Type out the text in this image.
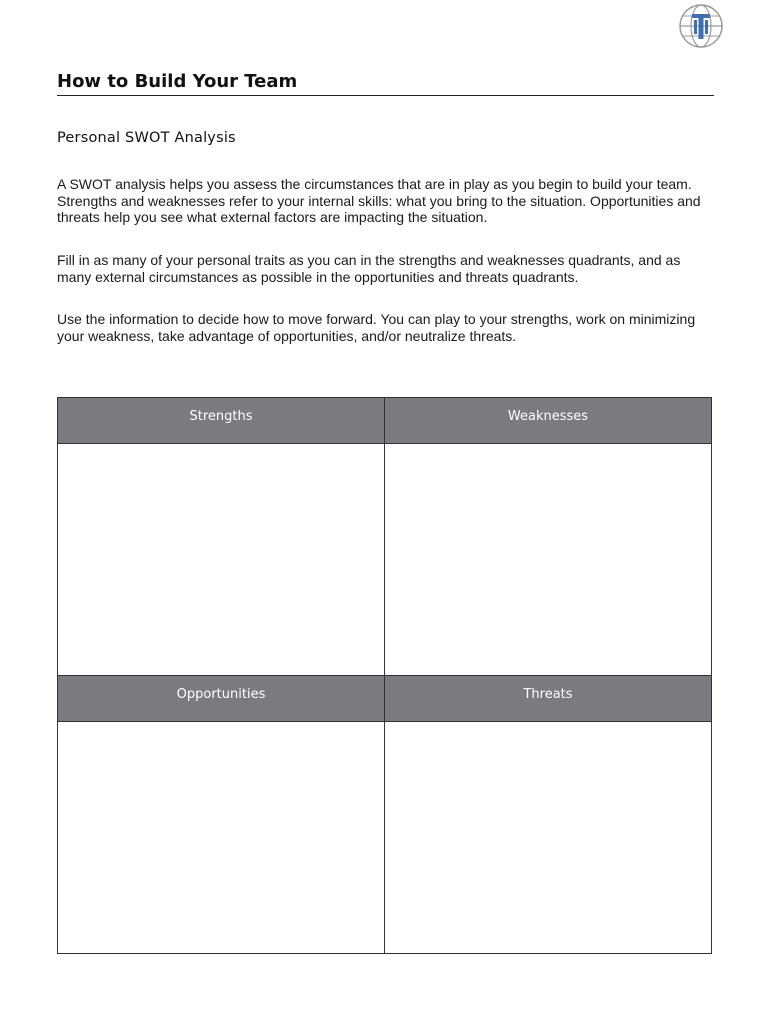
How to Build Your Team
Personal SWOT Analysis

A SWOT analysis helps you assess the circumstances that are in play as you begin to build your team. Strengths and weaknesses refer to your internal skills: what you bring to the situation. Opportunities and threats help you see what external factors are impacting the situation.

Fill in as many of your personal traits as you can in the strengths and weaknesses quadrants, and as many external circumstances as possible in the opportunities and threats quadrants.

Use the information to decide how to move forward. You can play to your strengths, work on minimizing your weakness, take advantage of opportunities, and/or neutralize threats.

Strengths	Weaknesses
Opportunities	Threats
